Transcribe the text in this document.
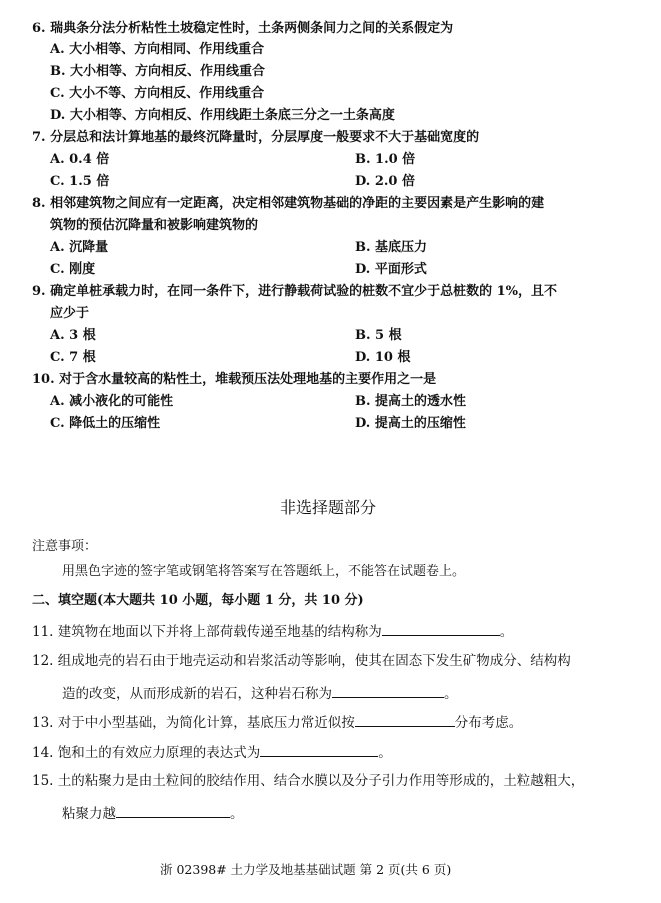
6. 瑞典条分法分析粘性土坡稳定性时，土条两侧条间力之间的关系假定为
A. 大小相等、方向相同、作用线重合
B. 大小相等、方向相反、作用线重合
C. 大小不等、方向相反、作用线重合
D. 大小相等、方向相反、作用线距土条底三分之一土条高度
7. 分层总和法计算地基的最终沉降量时，分层厚度一般要求不大于基础宽度的
A. 0.4 倍	B. 1.0 倍
C. 1.5 倍	D. 2.0 倍
8. 相邻建筑物之间应有一定距离，决定相邻建筑物基础的净距的主要因素是产生影响的建
筑物的预估沉降量和被影响建筑物的
A. 沉降量	B. 基底压力
C. 刚度	D. 平面形式
9. 确定单桩承载力时，在同一条件下，进行静载荷试验的桩数不宜少于总桩数的 1%，且不
应少于
A. 3 根	B. 5 根
C. 7 根	D. 10 根
10. 对于含水量较高的粘性土，堆载预压法处理地基的主要作用之一是
A. 减小液化的可能性	B. 提高土的透水性
C. 降低土的压缩性	D. 提高土的压缩性
非选择题部分
注意事项：
用黑色字迹的签字笔或钢笔将答案写在答题纸上，不能答在试题卷上。
二、填空题(本大题共 10 小题，每小题 1 分，共 10 分)
11. 建筑物在地面以下并将上部荷载传递至地基的结构称为	。
12. 组成地壳的岩石由于地壳运动和岩浆活动等影响，使其在固态下发生矿物成分、结构构
造的改变，从而形成新的岩石，这种岩石称为	。
13. 对于中小型基础，为简化计算，基底压力常近似按	分布考虑。
14. 饱和土的有效应力原理的表达式为	。
15. 土的粘聚力是由土粒间的胶结作用、结合水膜以及分子引力作用等形成的，土粒越粗大，
粘聚力越	。
浙 02398# 土力学及地基基础试题 第 2 页(共 6 页)
